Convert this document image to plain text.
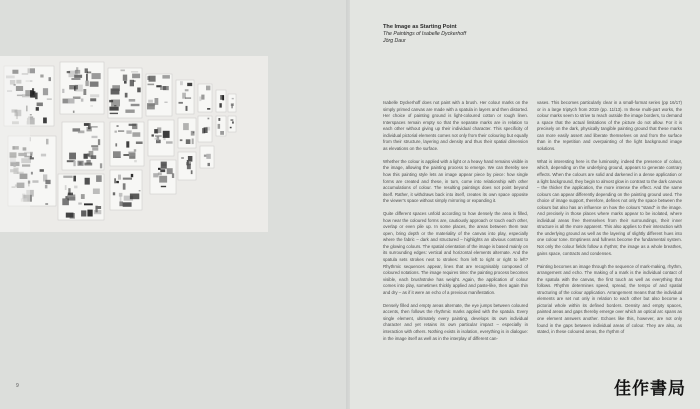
9
The Image as Starting Point
The Paintings of Isabelle Dyckerhoff
Jörg Daur

Isabelle Dyckerhoff does not paint with a brush. Her colour marks on the simply primed canvas are made with a spatula in layers and then distorted. Her choice of painting ground is light-coloured cotton or rough linen. Interspaces remain empty so that the separate marks are in relation to each other without giving up their individual character. This specificity of individual pictorial elements comes not only from their colouring but equally from their structure, layering and density and thus their spatial dimension as elevations on the surface.

Whether the colour is applied with a light or a heavy hand remains visible in the image, allowing the painting process to emerge. We can thereby see how this painting style lets an image appear piece by piece: how single forms are created and these, in turn, come into relationship with other accumulations of colour. The resulting paintings does not point beyond itself. Rather, it withdraws back into itself, creates its own space opposite the viewer's space without simply mirroring or expanding it.

Quite different spaces unfold according to how densely the area is filled, how near the coloured forms are, cautiously approach or touch each other, overlap or even pile up. In some places, the areas between them tear open, bring depth or the materiality of the canvas into play, especially where the fabric – dark and structured – highlights an obvious contrast to the glowing colours. The spatial orientation of the image is based mainly on its surrounding edges: vertical and horizontal elements alternate. And the spatula sets strokes next to strokes: from left to right or right to left? Rhythmic sequences appear, lines that are recognisably composed of coloured notations. The image requires time: the painting process becomes visible, each brushstroke has weight. Again, the application of colour comes into play, sometimes thickly applied and paste-like, then again thin and dry – as if it were an echo of a previous manifestation.

Densely filled and empty areas alternate, the eye jumps between coloured accents, then follows the rhythmic marks applied with the spatula. Every single element, ultimately every painting, develops its own individual character and yet retains its own particular impact – especially in interaction with others. Nothing exists in isolation, everything is in dialogue: in the image itself as well as in the interplay of different can-

vases. This becomes particularly clear in a small-format series (pp 16/17) or in a large triptych from 2019 (pp. 11/13). In these multi-part works, the colour marks seem to strive to reach outside the image borders, to demand a space that the actual limitations of the picture do not allow. For it is precisely on the dark, physically tangible painting ground that these marks can more easily assert and liberate themselves on and from the surface than in the repetition and overpainting of the light background image solutions.

What is interesting here is the luminosity, indeed the presence of colour, which, depending on the underlying ground, appears to generate contrary effects. When the colours are solid and darkened in a dense application or a light background, they begin to almost glow in contrast to the dark canvas – the thicker the application, the more intense the effect. And the same colours can appear differently depending on the painting ground used. The choice of image support, therefore, defines not only the space between the colours but also has an influence on how the colours "stand" in the image. And precisely in those places where marks appear to be isolated, where individual areas free themselves from their surroundings, their inner structure is all the more apparent. This also applies to their interaction with the underlying ground as well as the layering of slightly different hues into one colour tone. Emptiness and fullness become the fundamental system. Not only the colour fields follow a rhythm; the image as a whole breathes, gains space, contracts and condenses.

Painting becomes an image through the sequence of mark-making, rhythm, arrangement and echo. The making of a mark is the individual contact of the spatula with the canvas, the first touch as well as everything that follows. Rhythm determines speed, spread, the tempo of and spatial structuring of the colour application. Arrangement means that the individual elements are set not only in relation to each other but also become a pictorial whole within its defined borders. Density and empty spaces, painted areas and gaps thereby emerge over which an optical arc spans as one element answers another. Echoes like this, however, are not only found in the gaps between individual areas of colour. They are also, as stated, in these coloured areas, the rhythm of

佳作書局
